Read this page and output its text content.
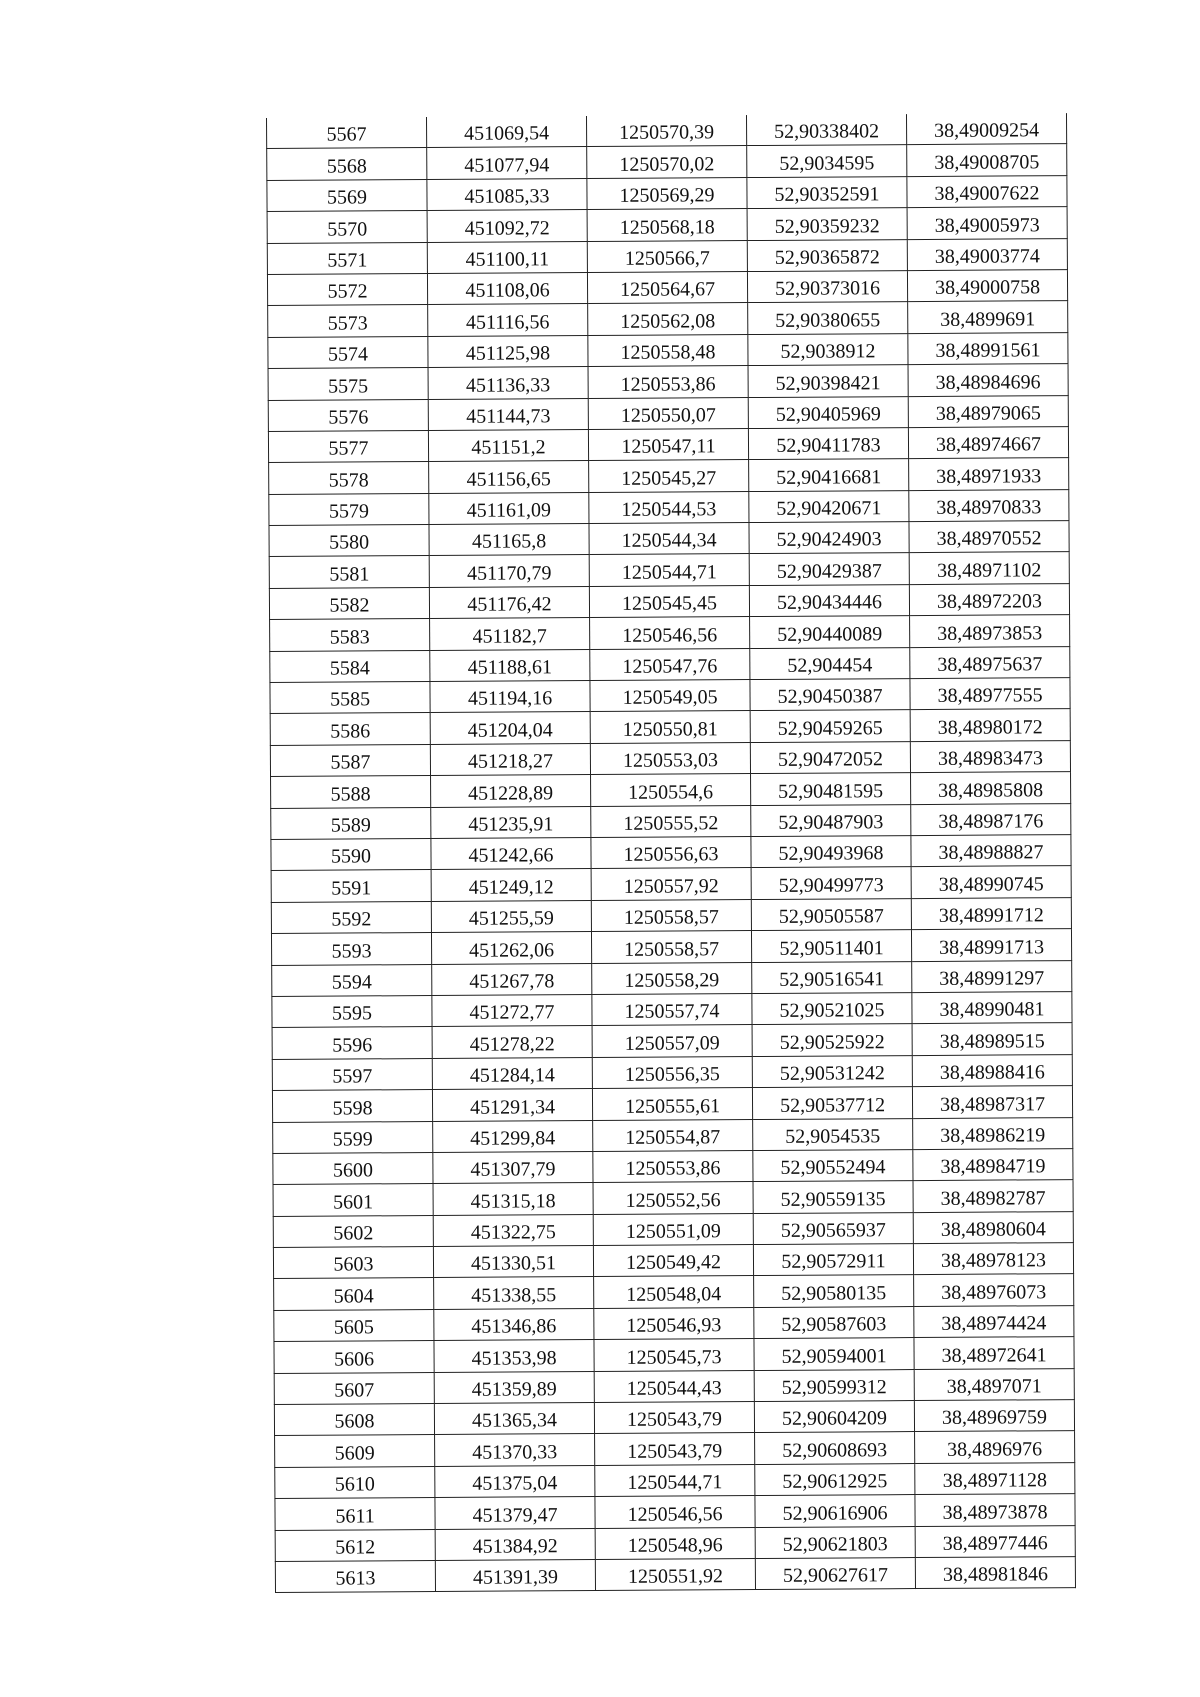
5567	451069,54	1250570,39	52,90338402	38,49009254
5568	451077,94	1250570,02	52,9034595	38,49008705
5569	451085,33	1250569,29	52,90352591	38,49007622
5570	451092,72	1250568,18	52,90359232	38,49005973
5571	451100,11	1250566,7	52,90365872	38,49003774
5572	451108,06	1250564,67	52,90373016	38,49000758
5573	451116,56	1250562,08	52,90380655	38,4899691
5574	451125,98	1250558,48	52,9038912	38,48991561
5575	451136,33	1250553,86	52,90398421	38,48984696
5576	451144,73	1250550,07	52,90405969	38,48979065
5577	451151,2	1250547,11	52,90411783	38,48974667
5578	451156,65	1250545,27	52,90416681	38,48971933
5579	451161,09	1250544,53	52,90420671	38,48970833
5580	451165,8	1250544,34	52,90424903	38,48970552
5581	451170,79	1250544,71	52,90429387	38,48971102
5582	451176,42	1250545,45	52,90434446	38,48972203
5583	451182,7	1250546,56	52,90440089	38,48973853
5584	451188,61	1250547,76	52,904454	38,48975637
5585	451194,16	1250549,05	52,90450387	38,48977555
5586	451204,04	1250550,81	52,90459265	38,48980172
5587	451218,27	1250553,03	52,90472052	38,48983473
5588	451228,89	1250554,6	52,90481595	38,48985808
5589	451235,91	1250555,52	52,90487903	38,48987176
5590	451242,66	1250556,63	52,90493968	38,48988827
5591	451249,12	1250557,92	52,90499773	38,48990745
5592	451255,59	1250558,57	52,90505587	38,48991712
5593	451262,06	1250558,57	52,90511401	38,48991713
5594	451267,78	1250558,29	52,90516541	38,48991297
5595	451272,77	1250557,74	52,90521025	38,48990481
5596	451278,22	1250557,09	52,90525922	38,48989515
5597	451284,14	1250556,35	52,90531242	38,48988416
5598	451291,34	1250555,61	52,90537712	38,48987317
5599	451299,84	1250554,87	52,9054535	38,48986219
5600	451307,79	1250553,86	52,90552494	38,48984719
5601	451315,18	1250552,56	52,90559135	38,48982787
5602	451322,75	1250551,09	52,90565937	38,48980604
5603	451330,51	1250549,42	52,90572911	38,48978123
5604	451338,55	1250548,04	52,90580135	38,48976073
5605	451346,86	1250546,93	52,90587603	38,48974424
5606	451353,98	1250545,73	52,90594001	38,48972641
5607	451359,89	1250544,43	52,90599312	38,4897071
5608	451365,34	1250543,79	52,90604209	38,48969759
5609	451370,33	1250543,79	52,90608693	38,4896976
5610	451375,04	1250544,71	52,90612925	38,48971128
5611	451379,47	1250546,56	52,90616906	38,48973878
5612	451384,92	1250548,96	52,90621803	38,48977446
5613	451391,39	1250551,92	52,90627617	38,48981846
